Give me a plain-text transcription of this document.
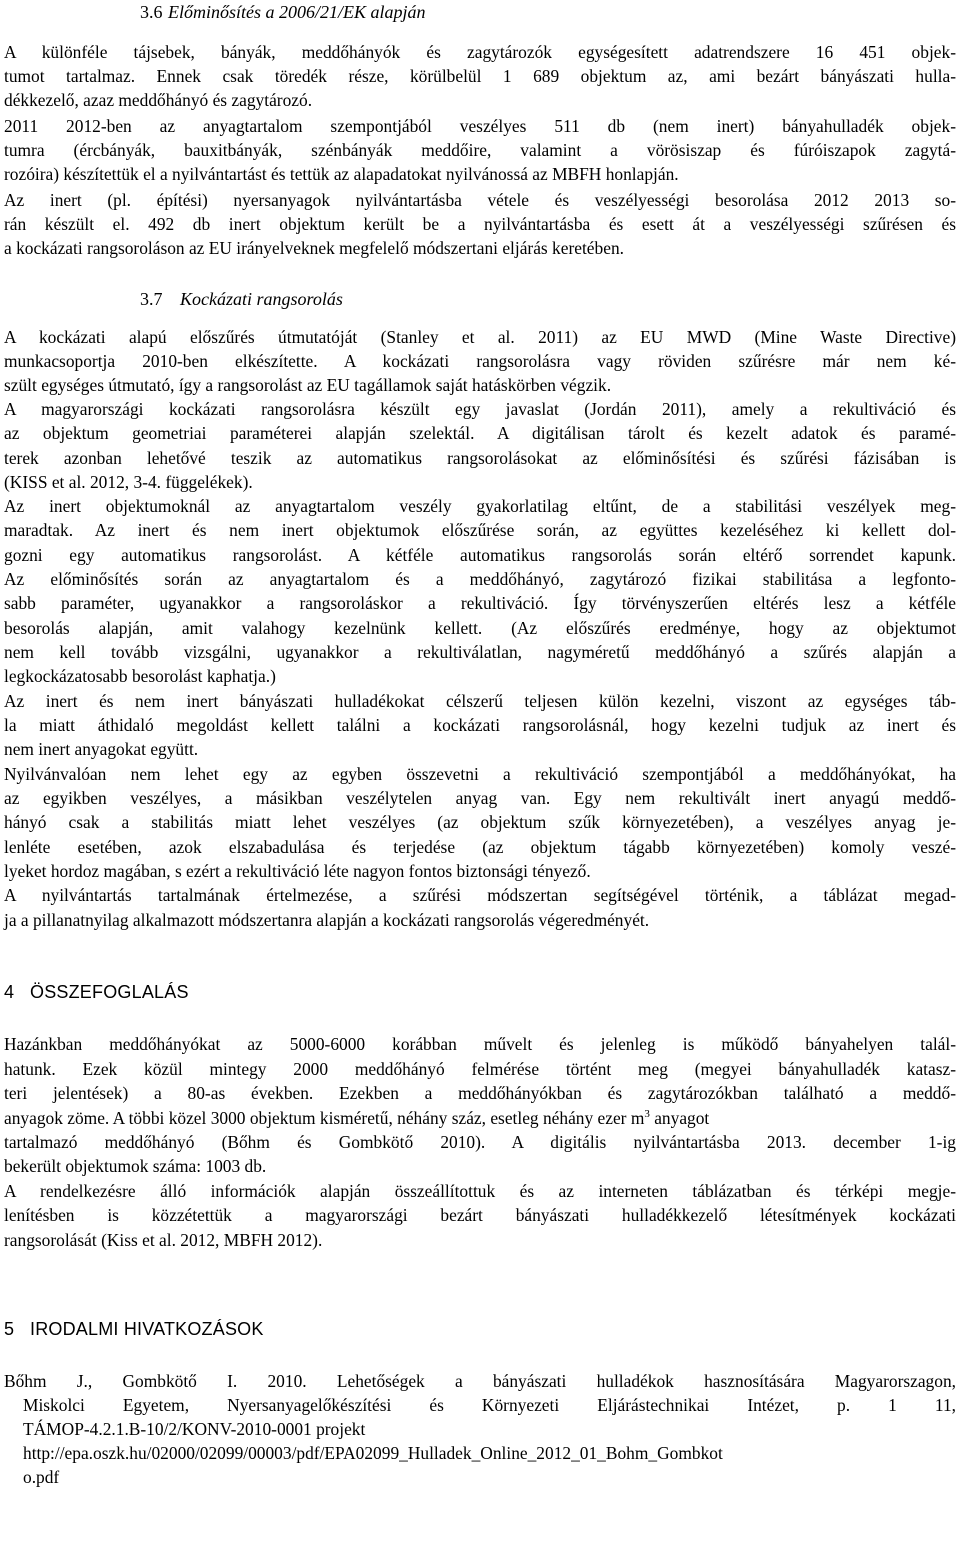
3.6 Előminősítés a 2006/21/EK alapján
A különféle tájsebek, bányák, meddőhányók és zagytározók egységesített adatrendszere 16 451 objek-
tumot tartalmaz. Ennek csak töredék része, körülbelül 1 689 objektum az, ami bezárt bányászati hulla-
dékkezelő, azaz meddőhányó és zagytározó.
2011 2012-ben az anyagtartalom szempontjából veszélyes 511 db (nem inert) bányahulladék objek-
tumra (ércbányák, bauxitbányák, szénbányák meddőire, valamint a vörösiszap és fúróiszapok zagytá-
rozóira) készítettük el a nyilvántartást és tettük az alapadatokat nyilvánossá az MBFH honlapján.
Az inert (pl. építési) nyersanyagok nyilvántartásba vétele és veszélyességi besorolása 2012 2013 so-
rán készült el. 492 db inert objektum került be a nyilvántartásba és esett át a veszélyességi szűrésen és
a kockázati rangsoroláson az EU irányelveknek megfelelő módszertani eljárás keretében.
3.7 Kockázati rangsorolás
A kockázati alapú előszűrés útmutatóját (Stanley et al. 2011) az EU MWD (Mine Waste Directive)
munkacsoportja 2010-ben elkészítette. A kockázati rangsorolásra vagy röviden szűrésre már nem ké-
szült egységes útmutató, így a rangsorolást az EU tagállamok saját hatáskörben végzik.
A magyarországi kockázati rangsorolásra készült egy javaslat (Jordán 2011), amely a rekultiváció és
az objektum geometriai paraméterei alapján szelektál. A digitálisan tárolt és kezelt adatok és paramé-
terek azonban lehetővé teszik az automatikus rangsorolásokat az előminősítési és szűrési fázisában is
(KISS et al. 2012, 3-4. függelékek).
Az inert objektumoknál az anyagtartalom veszély gyakorlatilag eltűnt, de a stabilitási veszélyek meg-
maradtak. Az inert és nem inert objektumok előszűrése során, az együttes kezeléséhez ki kellett dol-
gozni egy automatikus rangsorolást. A kétféle automatikus rangsorolás során eltérő sorrendet kapunk.
Az előminősítés során az anyagtartalom és a meddőhányó, zagytározó fizikai stabilitása a legfonto-
sabb paraméter, ugyanakkor a rangsoroláskor a rekultiváció. Így törvényszerűen eltérés lesz a kétféle
besorolás alapján, amit valahogy kezelnünk kellett. (Az előszűrés eredménye, hogy az objektumot
nem kell tovább vizsgálni, ugyanakkor a rekultiválatlan, nagyméretű meddőhányó a szűrés alapján a
legkockázatosabb besorolást kaphatja.)
Az inert és nem inert bányászati hulladékokat célszerű teljesen külön kezelni, viszont az egységes táb-
la miatt áthidaló megoldást kellett találni a kockázati rangsorolásnál, hogy kezelni tudjuk az inert és
nem inert anyagokat együtt.
Nyilvánvalóan nem lehet egy az egyben összevetni a rekultiváció szempontjából a meddőhányókat, ha
az egyikben veszélyes, a másikban veszélytelen anyag van. Egy nem rekultivált inert anyagú meddő-
hányó csak a stabilitás miatt lehet veszélyes (az objektum szűk környezetében), a veszélyes anyag je-
lenléte esetében, azok elszabadulása és terjedése (az objektum tágabb környezetében) komoly veszé-
lyeket hordoz magában, s ezért a rekultiváció léte nagyon fontos biztonsági tényező.
A nyilvántartás tartalmának értelmezése, a szűrési módszertan segítségével történik, a táblázat megad-
ja a pillanatnyilag alkalmazott módszertanra alapján a kockázati rangsorolás végeredményét.
4 ÖSSZEFOGLALÁS
Hazánkban meddőhányókat az 5000-6000 korábban művelt és jelenleg is működő bányahelyen talál-
hatunk. Ezek közül mintegy 2000 meddőhányó felmérése történt meg (megyei bányahulladék katasz-
teri jelentések) a 80-as években. Ezekben a meddőhányókban és zagytározókban található a meddő-
anyagok zöme. A többi közel 3000 objektum kisméretű, néhány száz, esetleg néhány ezer $m^3$ anyagot
tartalmazó meddőhányó (Bőhm és Gombkötő 2010). A digitális nyilvántartásba 2013. december 1-ig
bekerült objektumok száma: 1003 db.
A rendelkezésre álló információk alapján összeállítottuk és az interneten táblázatban és térképi megje-
lenítésben is közzétettük a magyarországi bezárt bányászati hulladékkezelő létesítmények kockázati
rangsorolását (Kiss et al. 2012, MBFH 2012).
5 IRODALMI HIVATKOZÁSOK
Bőhm J., Gombkötő I. 2010. Lehetőségek a bányászati hulladékok hasznosítására Magyarorszagon,
Miskolci Egyetem, Nyersanyagelőkészítési és Környezeti Eljárástechnikai Intézet, p. 1 11,
TÁMOP-4.2.1.B-10/2/KONV-2010-0001 projekt
http://epa.oszk.hu/02000/02099/00003/pdf/EPA02099_Hulladek_Online_2012_01_Bohm_Gombkot
o.pdf
